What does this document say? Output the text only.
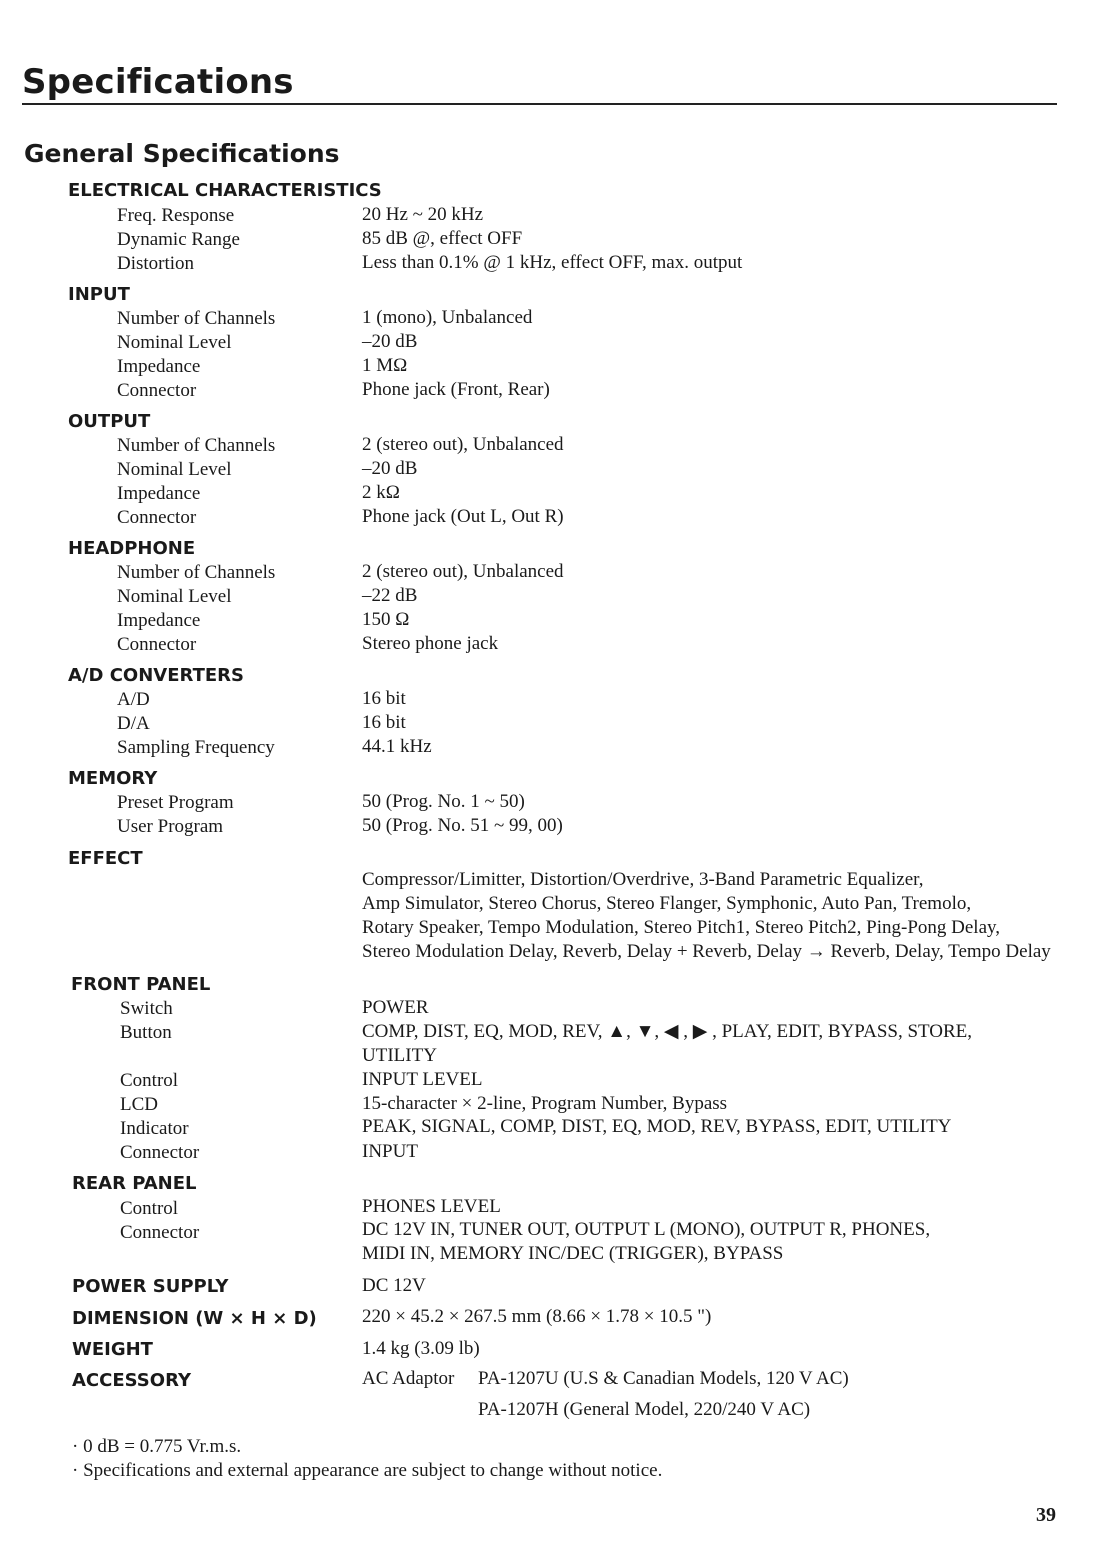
Specifications
General Specifications
ELECTRICAL CHARACTERISTICS
Freq. Response	20 Hz ~ 20 kHz
Dynamic Range	85 dB @, effect OFF
Distortion	Less than 0.1% @ 1 kHz, effect OFF, max. output
INPUT
Number of Channels	1 (mono), Unbalanced
Nominal Level	–20 dB
Impedance	1 MΩ
Connector	Phone jack (Front, Rear)
OUTPUT
Number of Channels	2 (stereo out), Unbalanced
Nominal Level	–20 dB
Impedance	2 kΩ
Connector	Phone jack (Out L, Out R)
HEADPHONE
Number of Channels	2 (stereo out), Unbalanced
Nominal Level	–22 dB
Impedance	150 Ω
Connector	Stereo phone jack
A/D CONVERTERS
A/D	16 bit
D/A	16 bit
Sampling Frequency	44.1 kHz
MEMORY
Preset Program	50 (Prog. No. 1 ~ 50)
User Program	50 (Prog. No. 51 ~ 99, 00)
EFFECT
Compressor/Limitter, Distortion/Overdrive, 3-Band Parametric Equalizer,
Amp Simulator, Stereo Chorus, Stereo Flanger, Symphonic, Auto Pan, Tremolo,
Rotary Speaker, Tempo Modulation, Stereo Pitch1, Stereo Pitch2, Ping-Pong Delay,
Stereo Modulation Delay, Reverb, Delay + Reverb, Delay → Reverb, Delay, Tempo Delay
FRONT PANEL
Switch	POWER
Button	COMP, DIST, EQ, MOD, REV, ▲, ▼, ◀ , ▶ , PLAY, EDIT, BYPASS, STORE,
UTILITY
Control	INPUT LEVEL
LCD	15-character × 2-line, Program Number, Bypass
Indicator	PEAK, SIGNAL, COMP, DIST, EQ, MOD, REV, BYPASS, EDIT, UTILITY
Connector	INPUT
REAR PANEL
Control	PHONES LEVEL
Connector	DC 12V IN, TUNER OUT, OUTPUT L (MONO), OUTPUT R, PHONES,
MIDI IN, MEMORY INC/DEC (TRIGGER), BYPASS
POWER SUPPLY	DC 12V
DIMENSION (W × H × D) 220 × 45.2 × 267.5 mm (8.66 × 1.78 × 10.5 ")
WEIGHT	1.4 kg (3.09 lb)
ACCESSORY	AC Adaptor PA-1207U (U.S & Canadian Models, 120 V AC)
PA-1207H (General Model, 220/240 V AC)
· 0 dB = 0.775 Vr.m.s.
· Specifications and external appearance are subject to change without notice.
39
